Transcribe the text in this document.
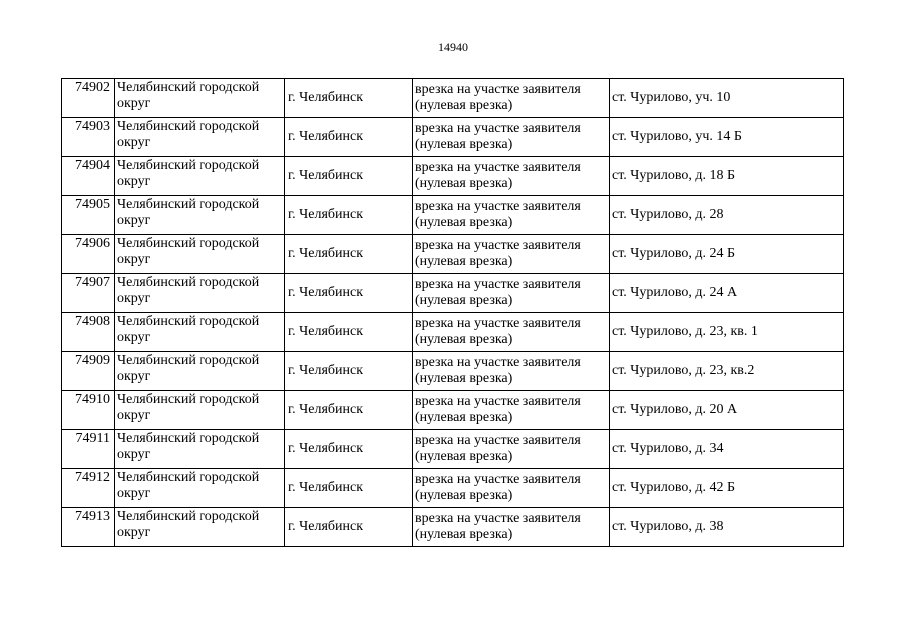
14940
74902	Челябинский городской
округ	г. Челябинск	врезка на участке заявителя
(нулевая врезка)	ст. Чурилово, уч. 10

74903	Челябинский городской
округ	г. Челябинск	врезка на участке заявителя
(нулевая врезка)	ст. Чурилово, уч. 14 Б

74904	Челябинский городской
округ	г. Челябинск	врезка на участке заявителя
(нулевая врезка)	ст. Чурилово, д. 18 Б

74905	Челябинский городской
округ	г. Челябинск	врезка на участке заявителя
(нулевая врезка)	ст. Чурилово, д. 28

74906	Челябинский городской
округ	г. Челябинск	врезка на участке заявителя
(нулевая врезка)	ст. Чурилово, д. 24 Б

74907	Челябинский городской
округ	г. Челябинск	врезка на участке заявителя
(нулевая врезка)	ст. Чурилово, д. 24 А

74908	Челябинский городской
округ	г. Челябинск	врезка на участке заявителя
(нулевая врезка)	ст. Чурилово, д. 23, кв. 1

74909	Челябинский городской
округ	г. Челябинск	врезка на участке заявителя
(нулевая врезка)	ст. Чурилово, д. 23, кв.2

74910	Челябинский городской
округ	г. Челябинск	врезка на участке заявителя
(нулевая врезка)	ст. Чурилово, д. 20 А

74911	Челябинский городской
округ	г. Челябинск	врезка на участке заявителя
(нулевая врезка)	ст. Чурилово, д. 34

74912	Челябинский городской
округ	г. Челябинск	врезка на участке заявителя
(нулевая врезка)	ст. Чурилово, д. 42 Б

74913	Челябинский городской
округ	г. Челябинск	врезка на участке заявителя
(нулевая врезка)	ст. Чурилово, д. 38
